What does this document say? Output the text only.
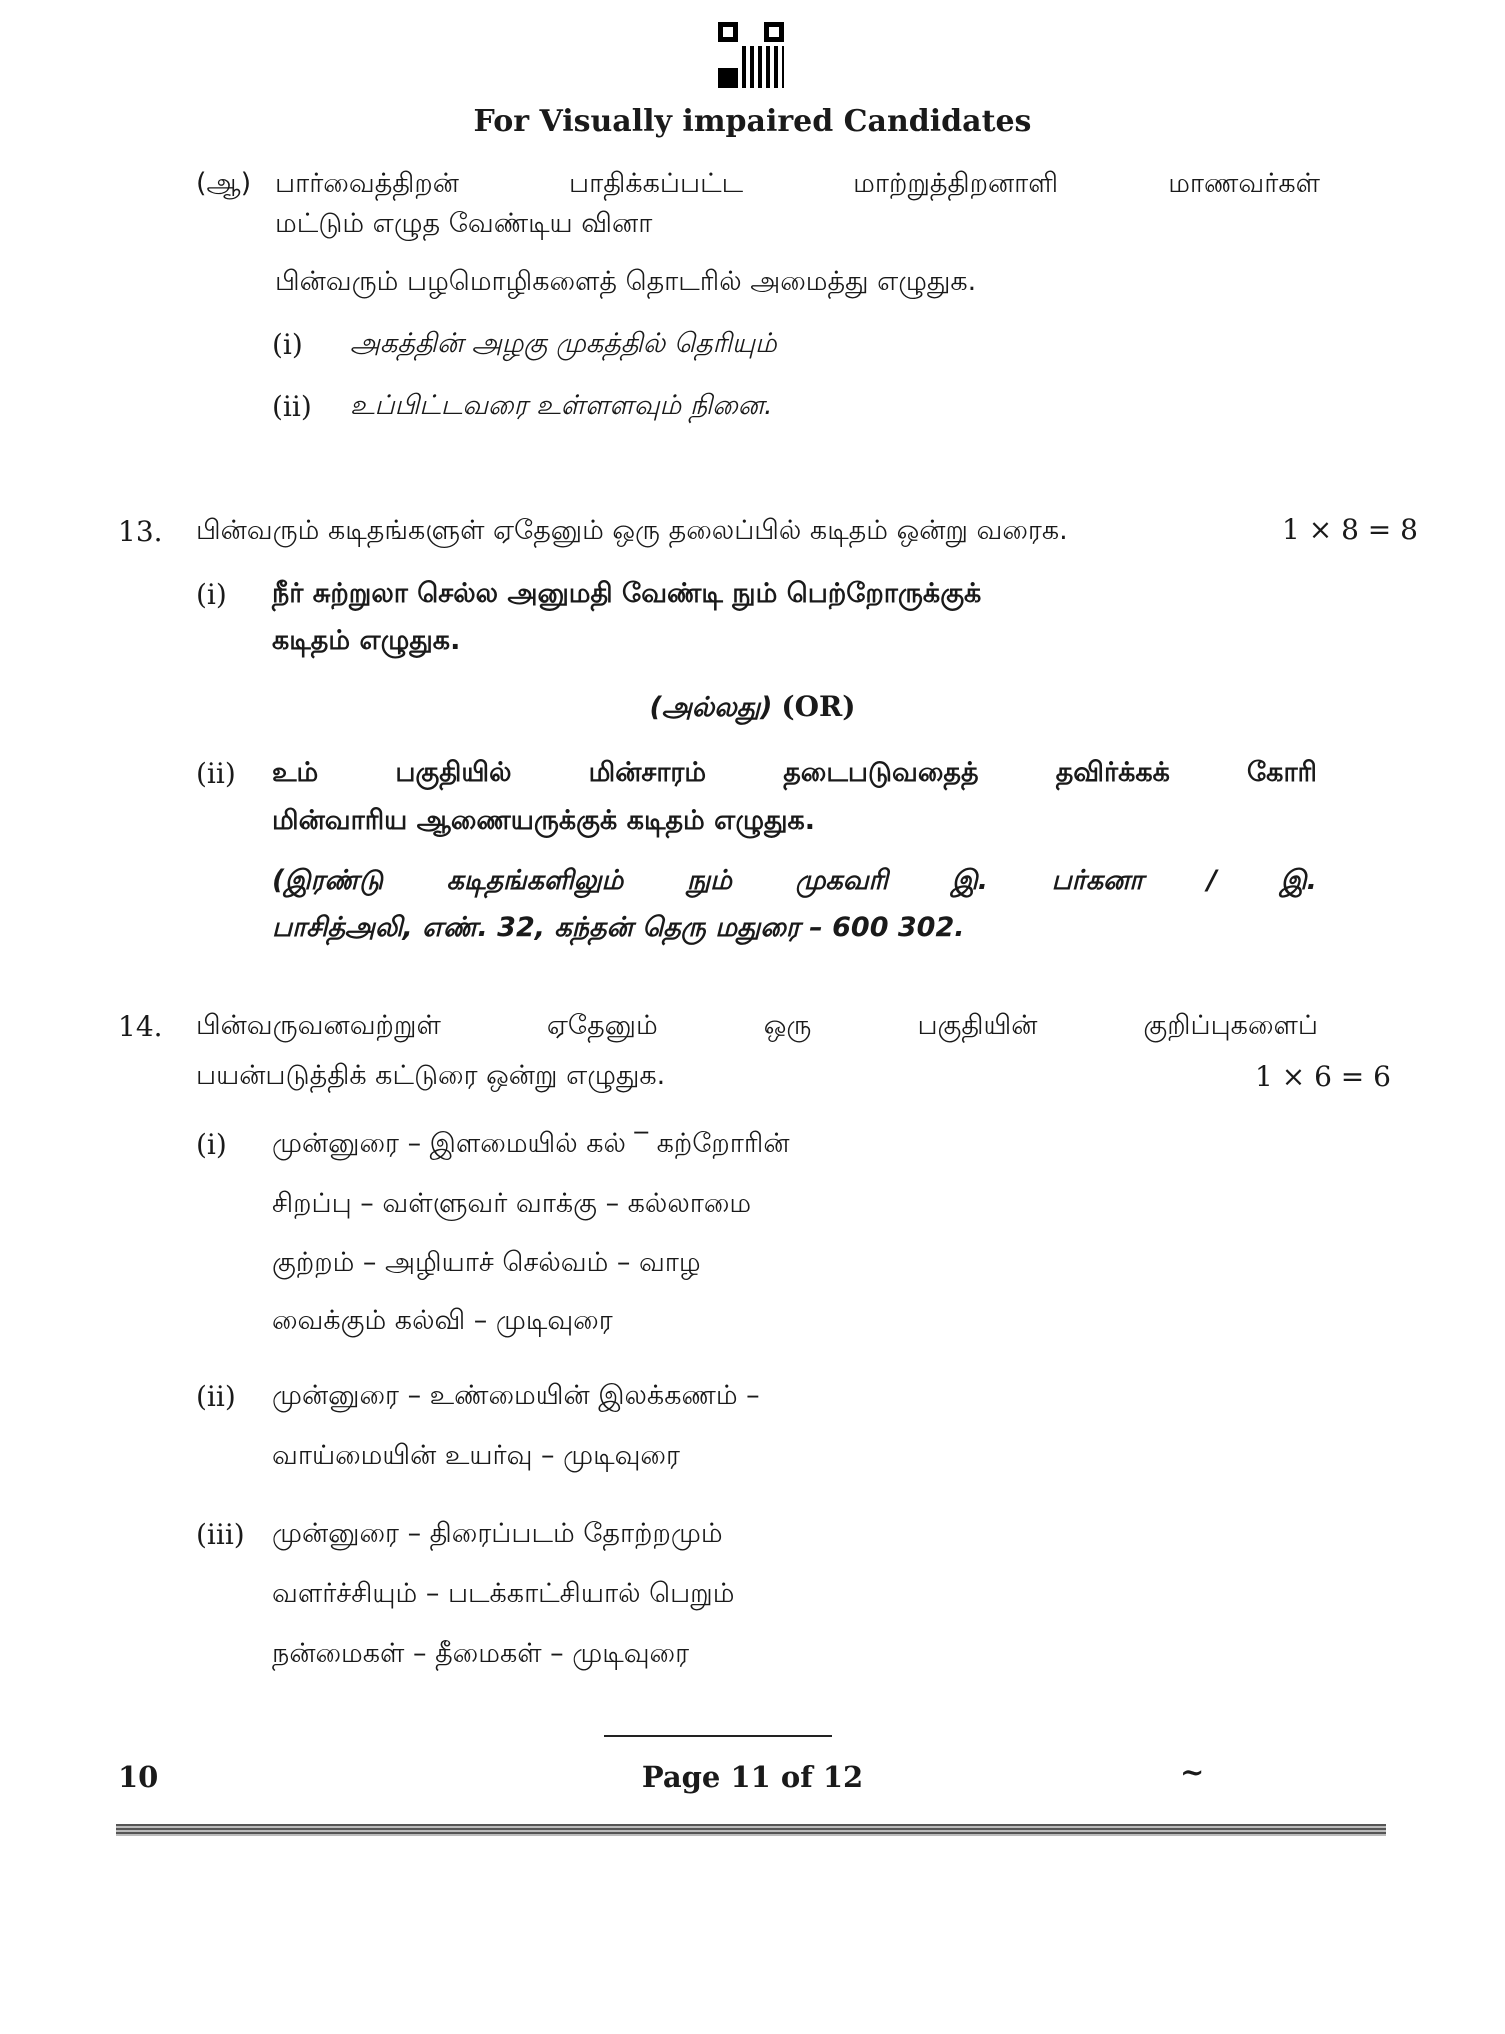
For Visually impaired Candidates
(ஆ) பார்வைத்திறன்	பாதிக்கப்பட்ட	மாற்றுத்திறனாளி	மாணவர்கள்
மட்டும் எழுத வேண்டிய வினா
பின்வரும் பழமொழிகளைத் தொடரில் அமைத்து எழுதுக.
(i) அகத்தின் அழகு முகத்தில் தெரியும்
(ii) உப்பிட்டவரை உள்ளளவும் நினை.
13. பின்வரும் கடிதங்களுள் ஏதேனும் ஒரு தலைப்பில் கடிதம் ஒன்று வரைக.	1 × 8 = 8
(i) நீர் சுற்றுலா செல்ல அனுமதி வேண்டி நும் பெற்றோருக்குக்
கடிதம் எழுதுக.
(அல்லது) (OR)
(ii) உம்	பகுதியில்	மின்சாரம்	தடைபடுவதைத்	தவிர்க்கக்	கோரி
மின்வாரிய ஆணையருக்குக் கடிதம் எழுதுக.
(இரண்டு கடிதங்களிலும் நும் முகவரி இ. பர்கனா / இ.
பாசித்அலி, எண். 32, கந்தன் தெரு மதுரை – 600 302.
14. பின்வருவனவற்றுள்	ஏதேனும்	ஒரு	பகுதியின்	குறிப்புகளைப்
பயன்படுத்திக் கட்டுரை ஒன்று எழுதுக.	1 × 6 = 6
(i) முன்னுரை – இளமையில் கல் ‾ கற்றோரின்
சிறப்பு – வள்ளுவர் வாக்கு – கல்லாமை
குற்றம் – அழியாச் செல்வம் – வாழ
வைக்கும் கல்வி – முடிவுரை
(ii) முன்னுரை – உண்மையின் இலக்கணம் –
வாய்மையின் உயர்வு – முடிவுரை
(iii) முன்னுரை – திரைப்படம் தோற்றமும்
வளர்ச்சியும் – படக்காட்சியால் பெறும்
நன்மைகள் – தீமைகள் – முடிவுரை
10	Page 11 of 12	~
